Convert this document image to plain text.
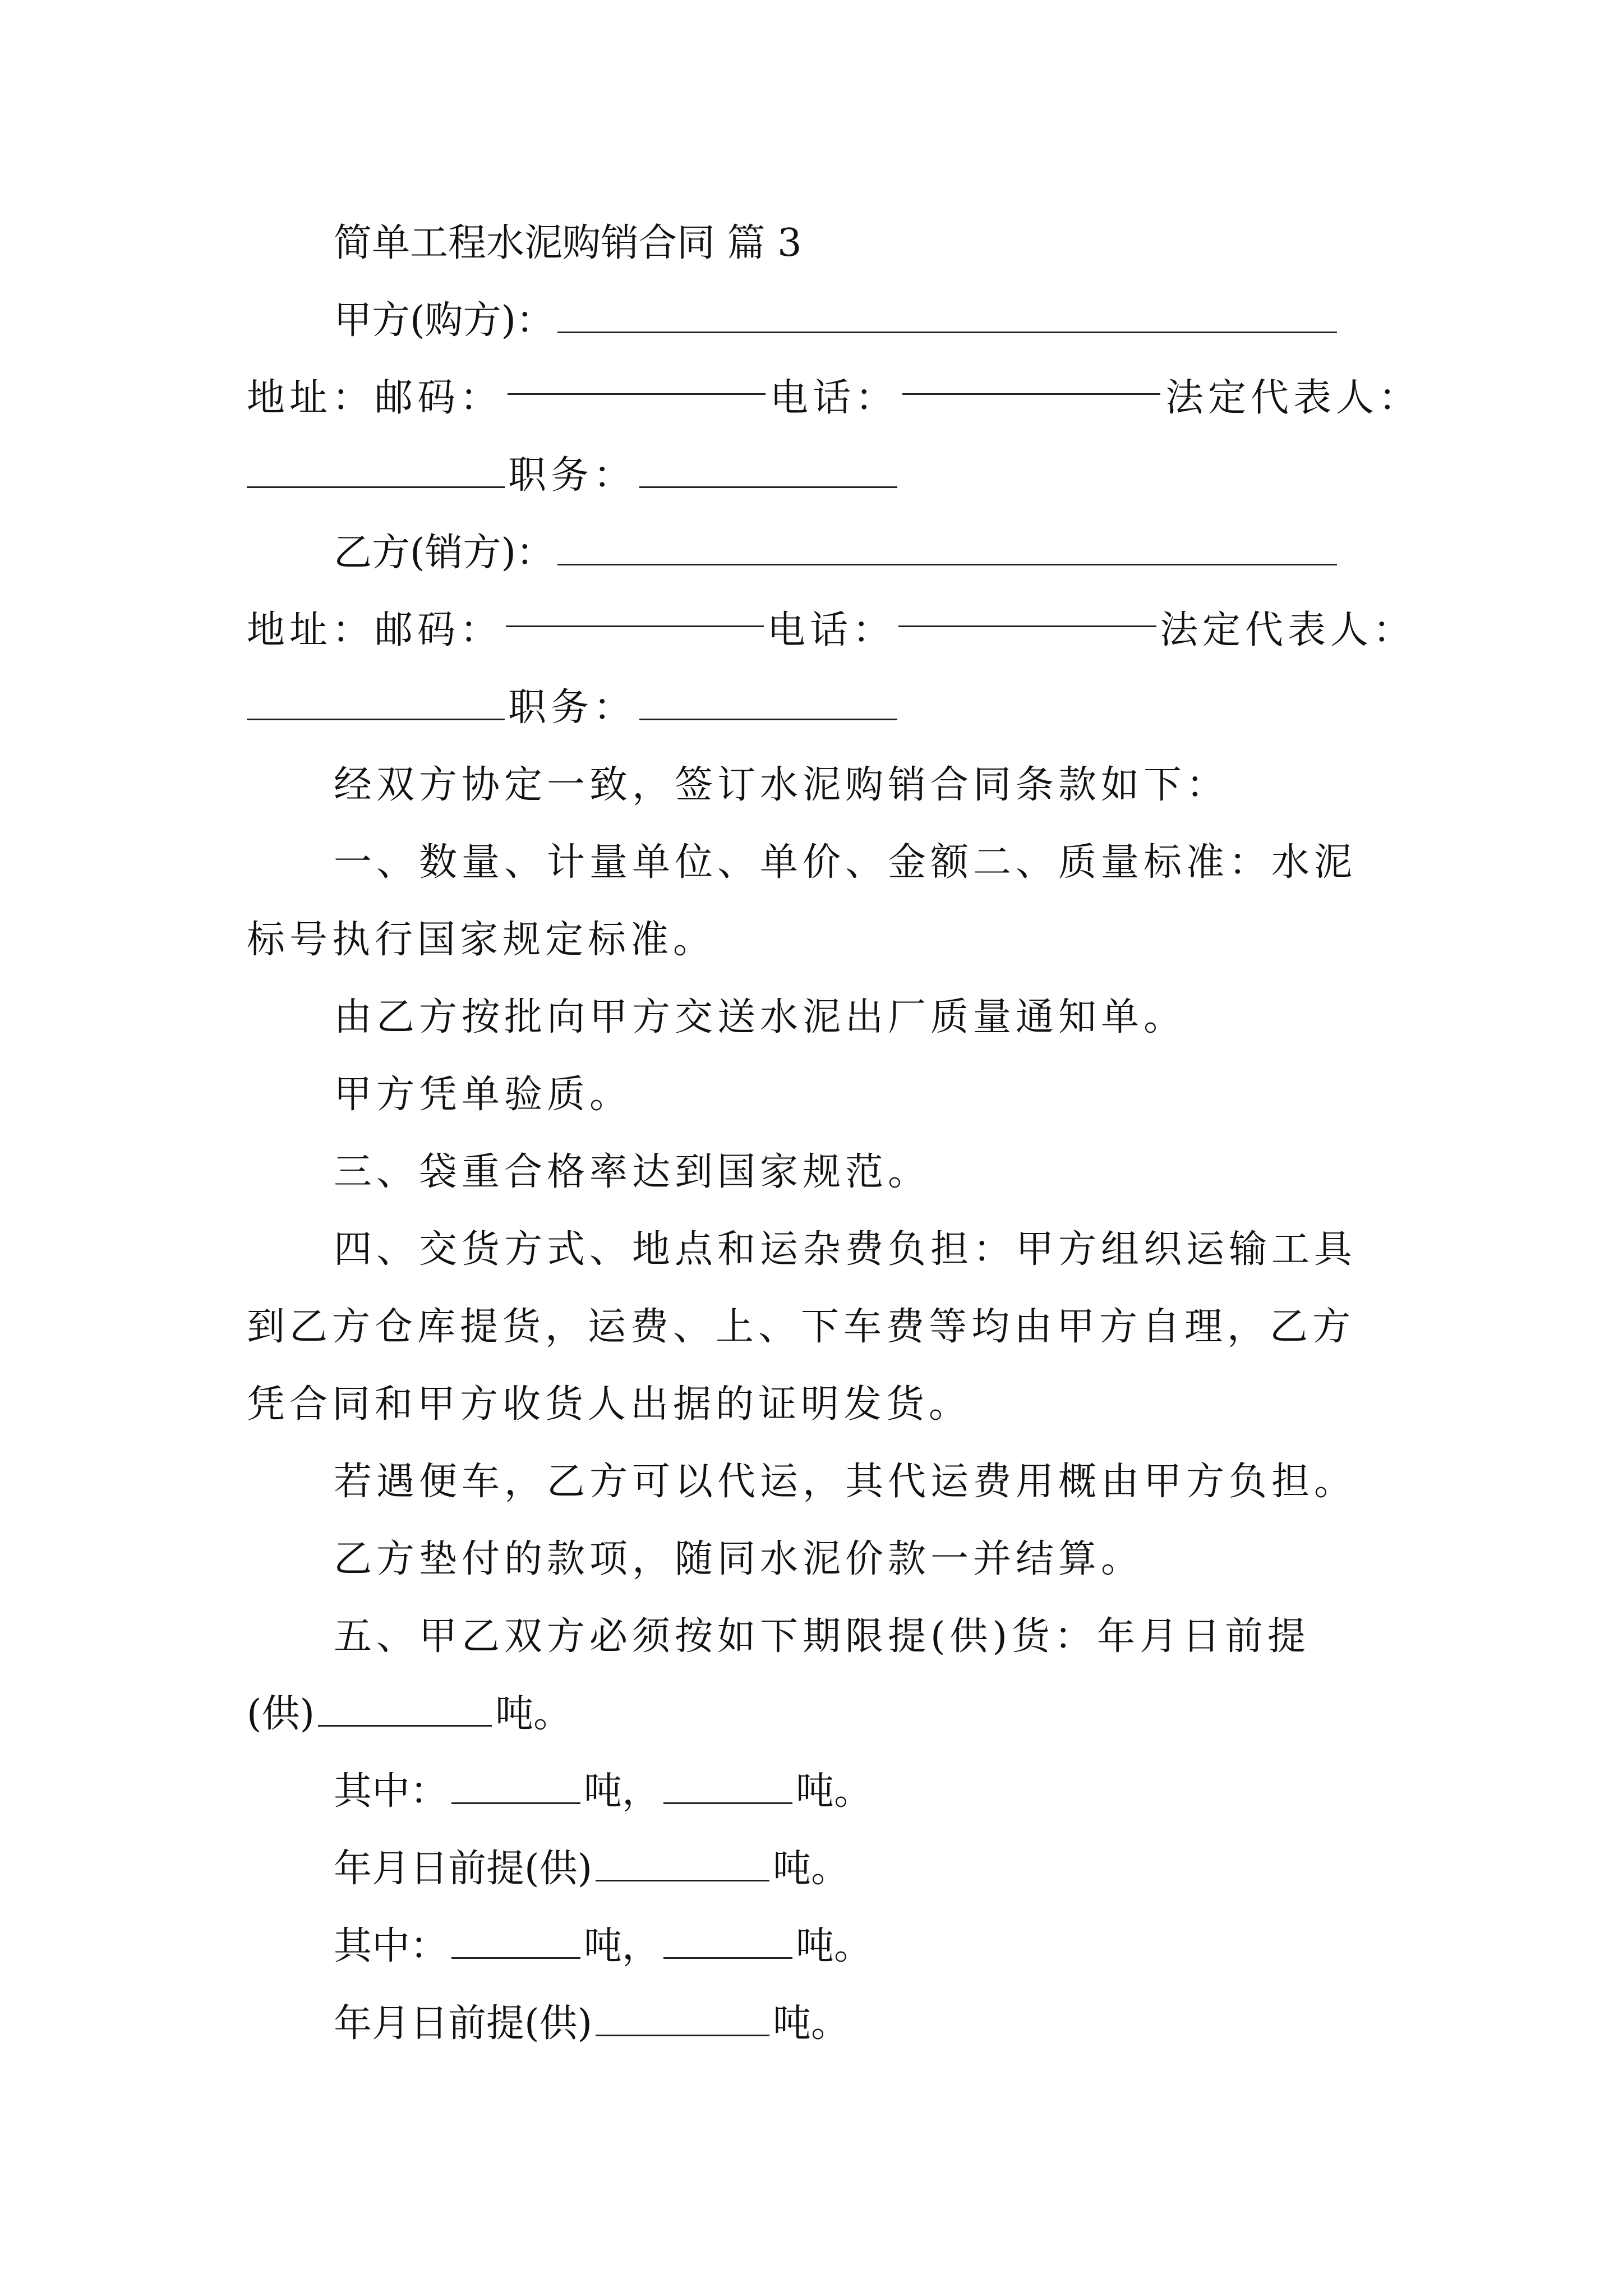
简单工程水泥购销合同 篇 3
甲方(购方)：
地址：邮码：	电话：	法定代表人：
职务：
乙方(销方)：
地址：邮码：	电话：	法定代表人：
职务：
经双方协定一致，签订水泥购销合同条款如下：
一、数量、计量单位、单价、金额二、质量标准：水泥
标号执行国家规定标准。
由乙方按批向甲方交送水泥出厂质量通知单。
甲方凭单验质。
三、袋重合格率达到国家规范。
四、交货方式、地点和运杂费负担：甲方组织运输工具
到乙方仓库提货，运费、上、下车费等均由甲方自理，乙方
凭合同和甲方收货人出据的证明发货。
若遇便车，乙方可以代运，其代运费用概由甲方负担。
乙方垫付的款项，随同水泥价款一并结算。
五、甲乙双方必须按如下期限提(供)货：年月日前提
(供)	吨。
其中：	吨，	吨。
年月日前提(供)	吨。
其中：	吨，	吨。
年月日前提(供)	吨。
